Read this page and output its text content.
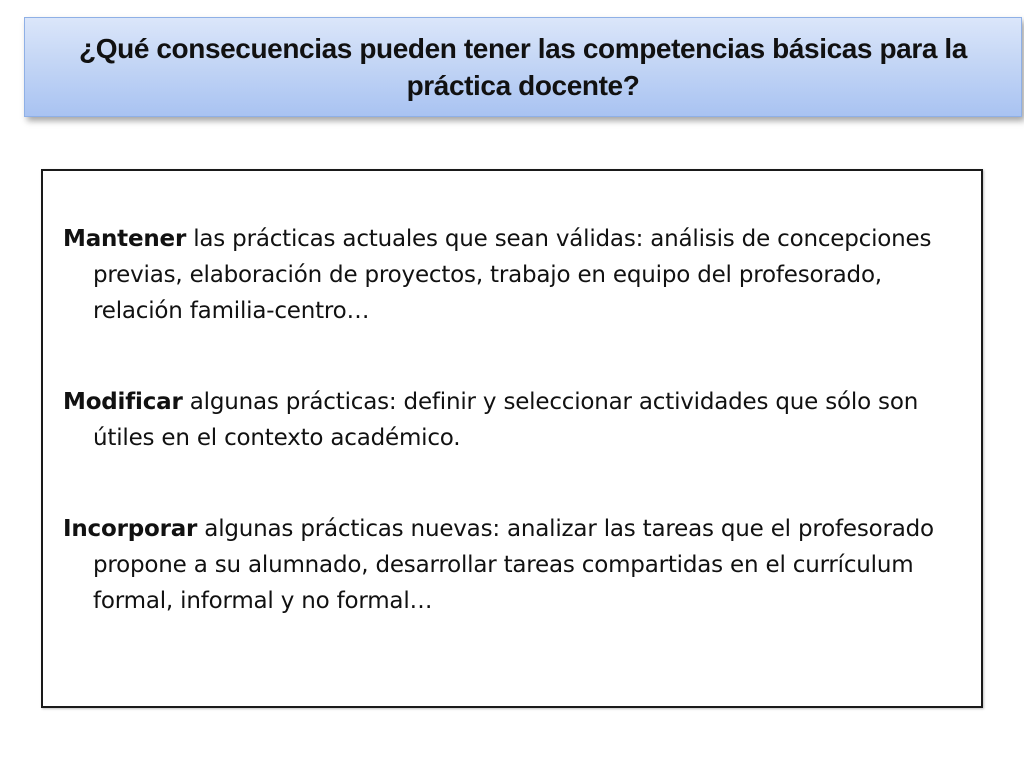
¿Qué consecuencias pueden tener las competencias básicas para la práctica docente?
Mantener las prácticas actuales que sean válidas: análisis de concepciones previas, elaboración de proyectos, trabajo en equipo del profesorado, relación familia-centro…
Modificar algunas prácticas: definir y seleccionar actividades que sólo son útiles en el contexto académico.
Incorporar algunas prácticas nuevas: analizar las tareas que el profesorado propone a su alumnado, desarrollar tareas compartidas en el currículum formal, informal y no formal…
